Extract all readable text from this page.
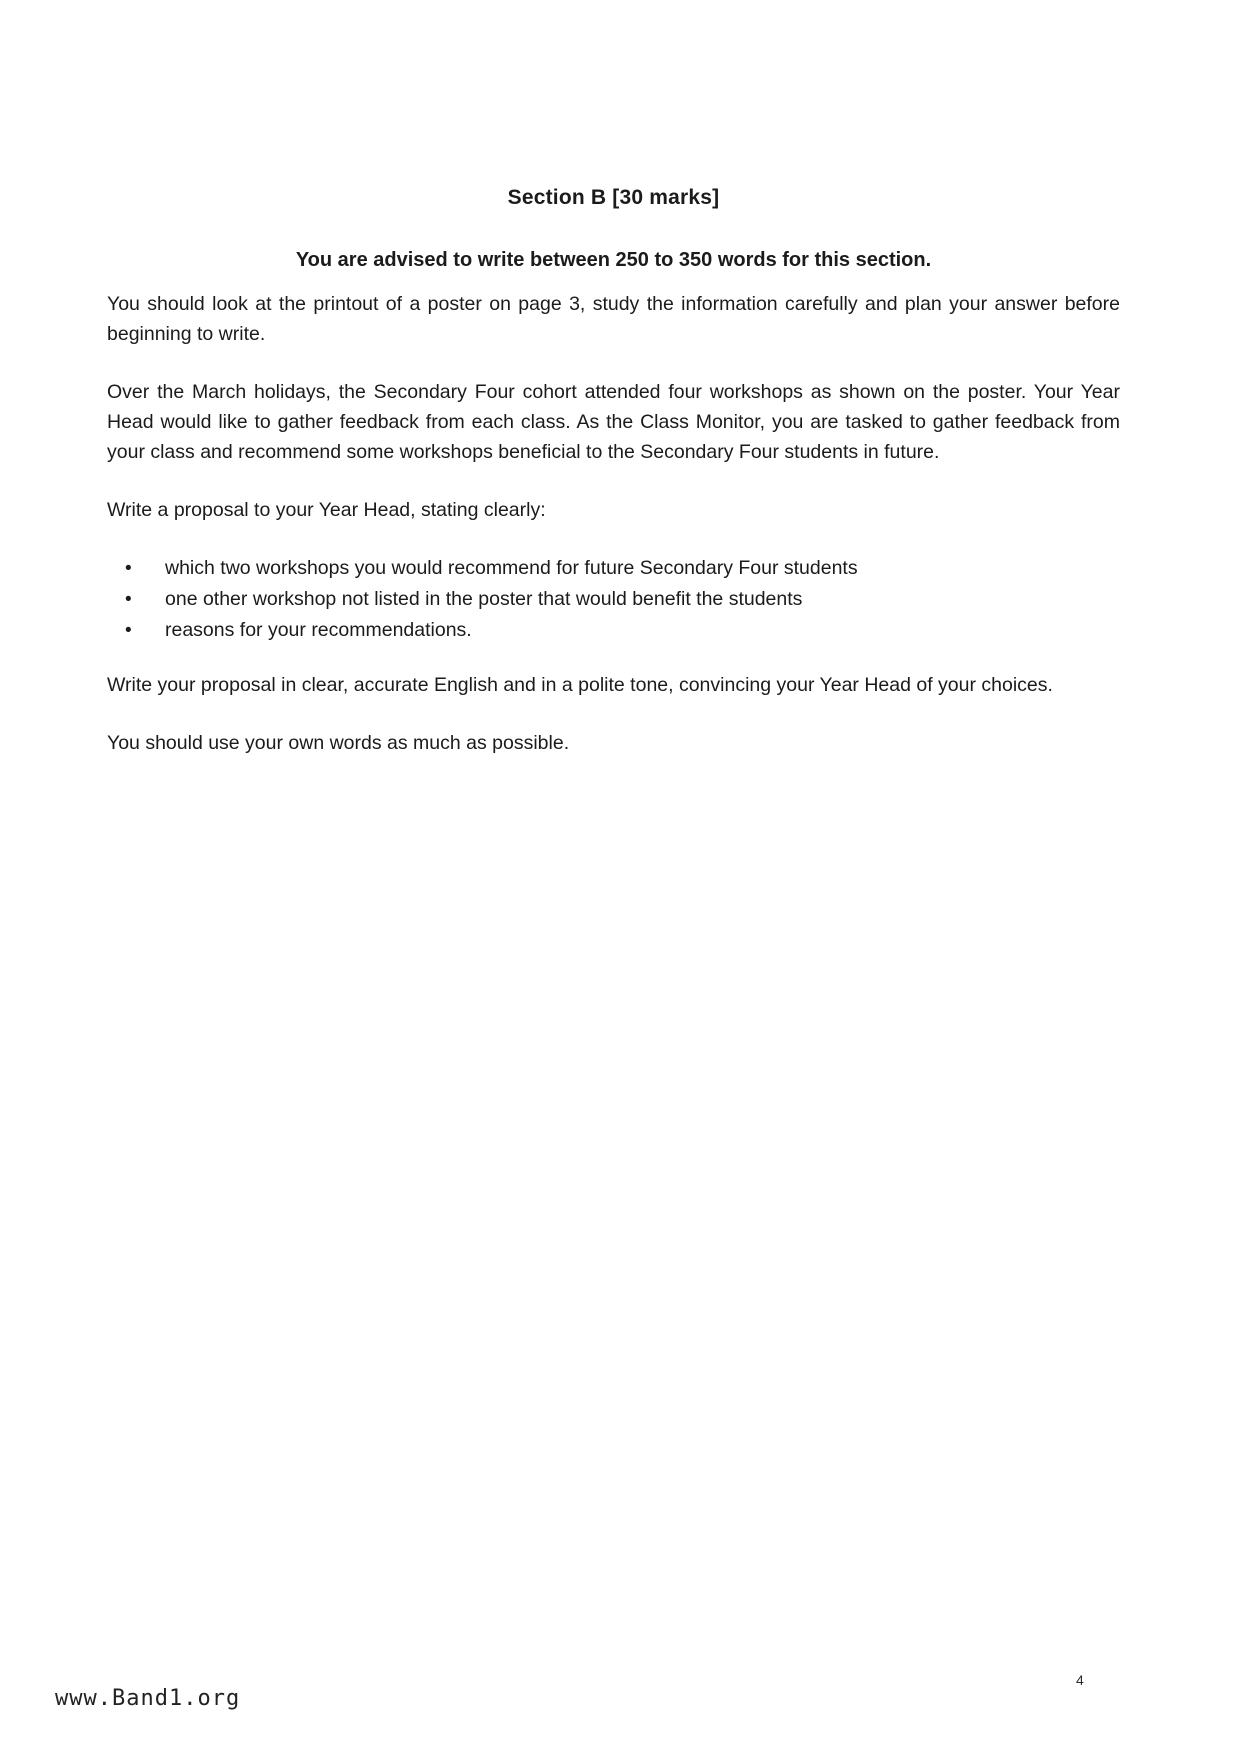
Section B [30 marks]
You are advised to write between 250 to 350 words for this section.

You should look at the printout of a poster on page 3, study the information carefully and plan your answer before beginning to write.

Over the March holidays, the Secondary Four cohort attended four workshops as shown on the poster. Your Year Head would like to gather feedback from each class. As the Class Monitor, you are tasked to gather feedback from your class and recommend some workshops beneficial to the Secondary Four students in future.

Write a proposal to your Year Head, stating clearly:

• which two workshops you would recommend for future Secondary Four students
• one other workshop not listed in the poster that would benefit the students
• reasons for your recommendations.

Write your proposal in clear, accurate English and in a polite tone, convincing your Year Head of your choices.

You should use your own words as much as possible.

www.Band1.org
4
